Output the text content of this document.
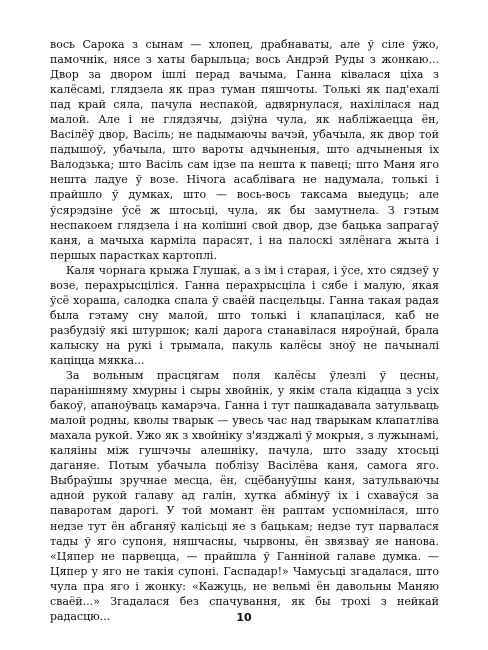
вось Сарока з сынам — хлопец, драбнаваты, але ў сіле ўжо, памочнік, нясе з хаты барыльца; вось Андрэй Руды з жонкаю... Двор за двором ішлі перад вачыма, Ганна ківалася ціха з калёсамі, глядзела як праз туман пяшчоты. Толькі як пад'ехалі пад край сяла, пачула неспакой, адвярнулася, нахілілася над малой. Але і не глядзячы, дзіўна чула, як набліжаецца ён, Васілёў двор, Васіль; не падымаючы вачэй, убачыла, як двор той падышоў, убачыла, што вароты адчыненыя, што адчыненыя іх Валодзька; што Васіль сам ідзе па нешта к павеці; што Маня яго нешта ладуе ў возе. Нічога асаблівага не надумала, толькі і прайшло ў думках, што — вось-вось таксама выедуць; але ўсярэдзіне ўсё ж штосьці, чула, як бы замутнела. З гэтым неспакоем глядзела і на колішні свой двор, дзе бацька запрагаў каня, а мачыха карміла парасят, і на палоскі зялёнага жыта і першых парастках картоплі.

Каля чорнага крыжа Глушак, а з ім і старая, і ўсе, хто сядзеў у возе, перахрысціліся. Ганна перахрысціла і сябе і малую, якая ўсё хораша, салодка спала ў сваёй пасцельцы. Ганна такая радая была гэтаму сну малой, што толькі і клапацілася, каб не разбудзіў які штуршок; калі дарога станавілася няроўнай, брала калыску на рукі і трымала, пакуль калёсы зноў не пачыналі каціцца мякка...

За вольным прасцягам поля калёсы ўлезлі ў цесны, паранішняму хмурны і сыры хвойнік, у якім стала кідацца з усіх бакоў, апаноўваць камарэча. Ганна і тут пашкадавала затульваць малой родны, кволы тварык — увесь час над тварыкам клапатліва махала рукой. Ужо як з хвойніку з'язджалі ў мокрыя, з лужынамі, каляіны між гушчэчы алешніку, пачула, што ззаду хтосьці даганяе. Потым убачыла поблізу Васілёва каня, самога яго. Выбраўшы зручнае месца, ён, сцёбануўшы каня, затульваючы адной рукой галаву ад галін, хутка абмінуў іх і схаваўся за паваротам дарогі. У той момант ён раптам успомнілася, што недзе тут ён абганяў калісьці яе з бацькам; недзе тут парвалася тады ў яго супоня, няшчасны, чырвоны, ён звязваў яе нанова. «Цяпер не парвецца, — прайшла ў Ганніной галаве думка. — Цяпер у яго не такія супоні. Гаспадар!» Чамусьці згадалася, што чула пра яго і жонку: «Кажуць, не вельмі ён давольны Маняю сваёй...» Згадалася без спачування, як бы трохі з нейкай радасцю...	10
